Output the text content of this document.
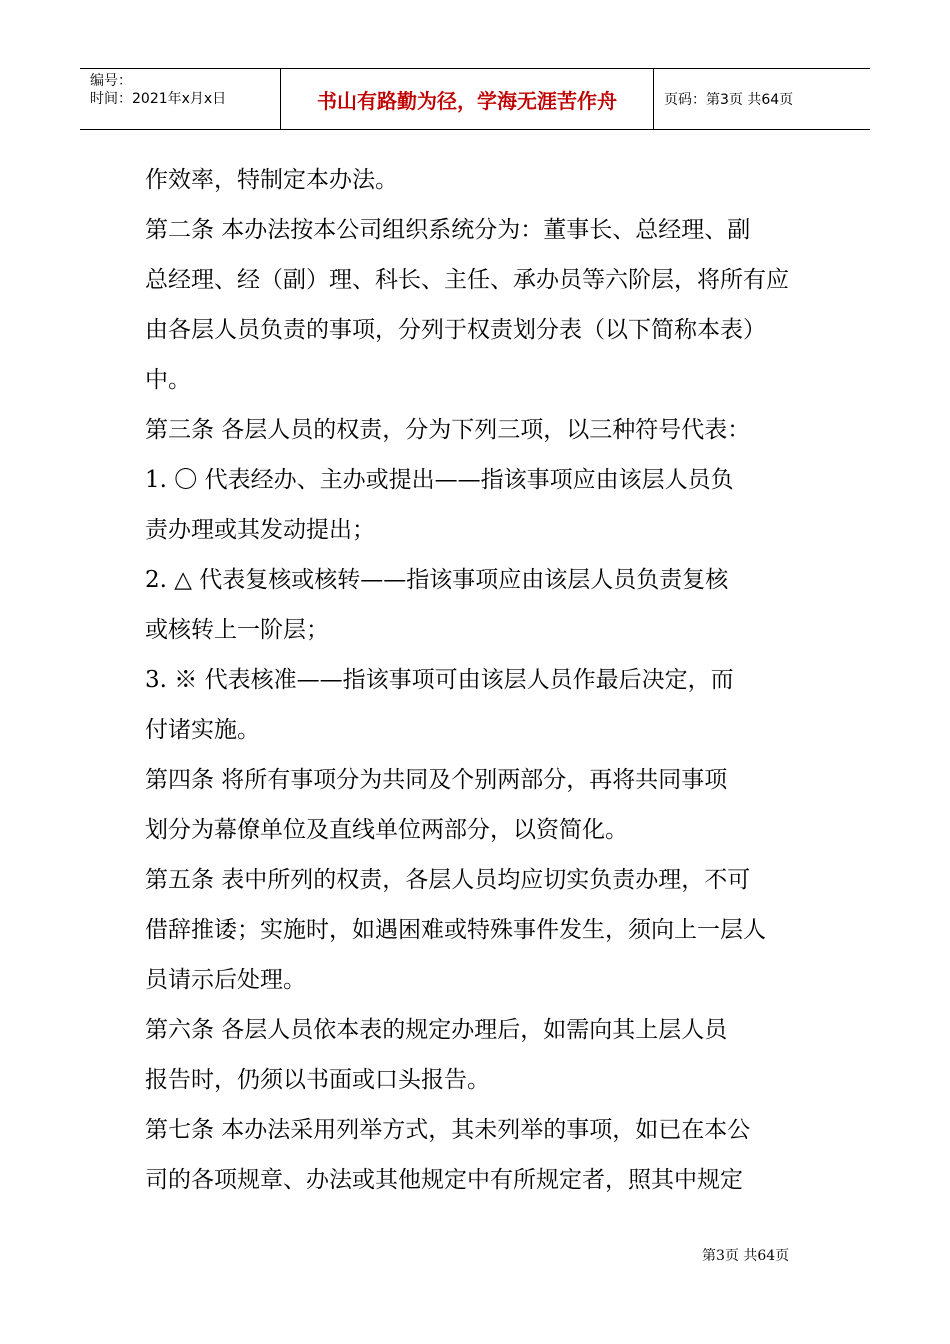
编号：
时间：2021年x月x日	书山有路勤为径，学海无涯苦作舟	页码：第3页 共64页
作效率，特制定本办法。
第二条 本办法按本公司组织系统分为：董事长、总经理、副
总经理、经（副）理、科长、主任、承办员等六阶层，将所有应
由各层人员负责的事项，分列于权责划分表（以下简称本表）
中。
第三条 各层人员的权责，分为下列三项，以三种符号代表：
1. 〇 代表经办、主办或提出——指该事项应由该层人员负
责办理或其发动提出；
2. △ 代表复核或核转——指该事项应由该层人员负责复核
或核转上一阶层；
3. ※ 代表核准——指该事项可由该层人员作最后决定，而
付诸实施。
第四条 将所有事项分为共同及个别两部分，再将共同事项
划分为幕僚单位及直线单位两部分，以资简化。
第五条 表中所列的权责，各层人员均应切实负责办理，不可
借辞推诿；实施时，如遇困难或特殊事件发生，须向上一层人
员请示后处理。
第六条 各层人员依本表的规定办理后，如需向其上层人员
报告时，仍须以书面或口头报告。
第七条 本办法采用列举方式，其未列举的事项，如已在本公
司的各项规章、办法或其他规定中有所规定者，照其中规定
第3页 共64页
